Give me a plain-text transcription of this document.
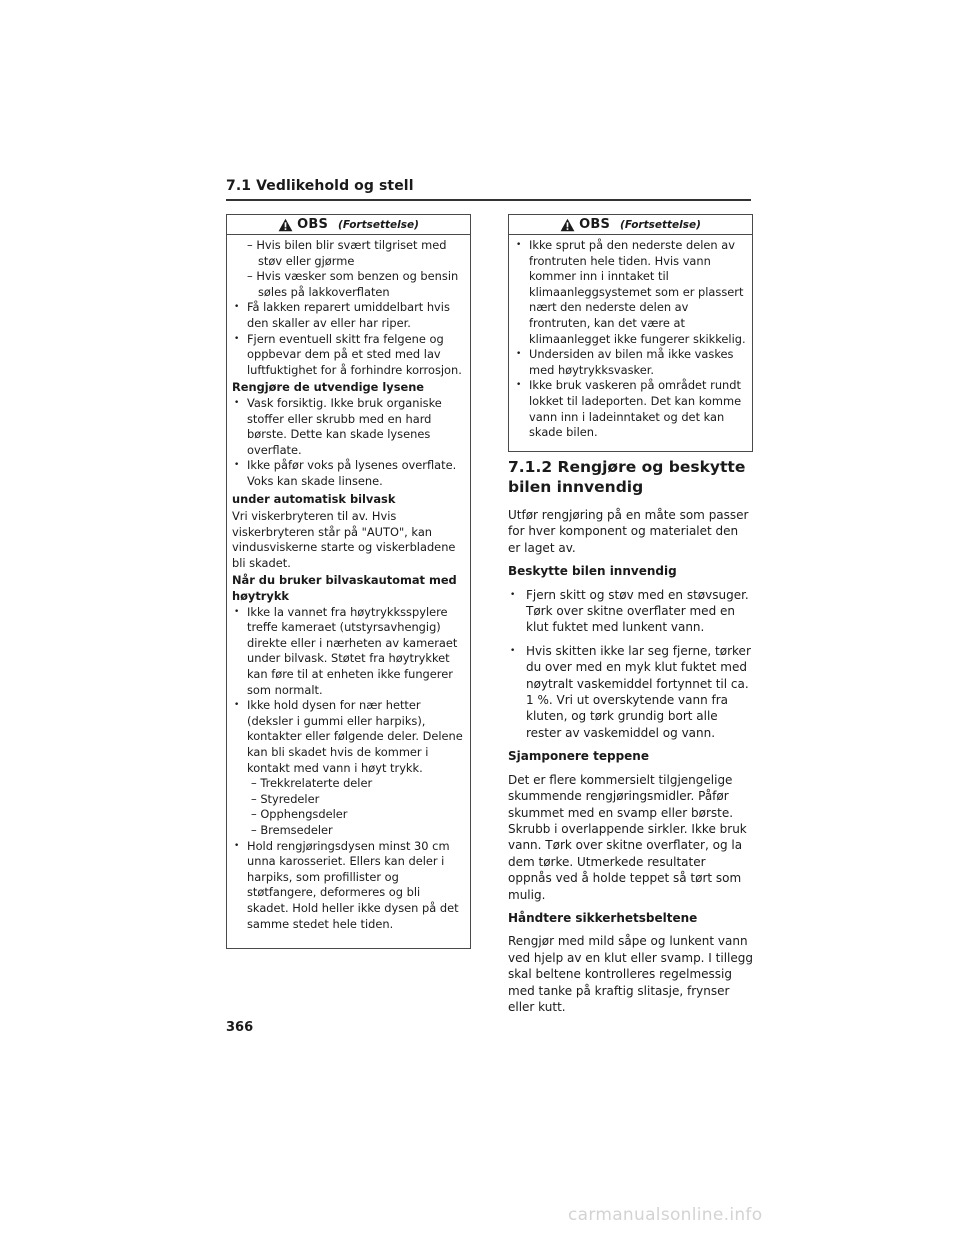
7.1 Vedlikehold og stell
OBS (Fortsettelse)
– Hvis bilen blir svært tilgriset med støv eller gjørme
– Hvis væsker som benzen og bensin søles på lakkoverflaten
• Få lakken reparert umiddelbart hvis den skaller av eller har riper.
• Fjern eventuell skitt fra felgene og oppbevar dem på et sted med lav luftfuktighet for å forhindre korrosjon.
Rengjøre de utvendige lysene
• Vask forsiktig. Ikke bruk organiske stoffer eller skrubb med en hard børste. Dette kan skade lysenes overflate.
• Ikke påfør voks på lysenes overflate. Voks kan skade linsene.
under automatisk bilvask
Vri viskerbryteren til av. Hvis viskerbryteren står på "AUTO", kan vindusviskerne starte og viskerbladene bli skadet.
Når du bruker bilvaskautomat med høytrykk
• Ikke la vannet fra høytrykksspylere treffe kameraet (utstyrsavhengig) direkte eller i nærheten av kameraet under bilvask. Støtet fra høytrykket kan føre til at enheten ikke fungerer som normalt.
• Ikke hold dysen for nær hetter (deksler i gummi eller harpiks), kontakter eller følgende deler. Delene kan bli skadet hvis de kommer i kontakt med vann i høyt trykk.
– Trekkrelaterte deler
– Styredeler
– Opphengsdeler
– Bremsedeler
• Hold rengjøringsdysen minst 30 cm unna karosseriet. Ellers kan deler i harpiks, som profillister og støtfangere, deformeres og bli skadet. Hold heller ikke dysen på det samme stedet hele tiden.
OBS (Fortsettelse)
• Ikke sprut på den nederste delen av frontruten hele tiden. Hvis vann kommer inn i inntaket til klimaanleggsystemet som er plassert nært den nederste delen av frontruten, kan det være at klimaanlegget ikke fungerer skikkelig.
• Undersiden av bilen må ikke vaskes med høytrykksvasker.
• Ikke bruk vaskeren på området rundt lokket til ladeporten. Det kan komme vann inn i ladeinntaket og det kan skade bilen.
7.1.2 Rengjøre og beskytte bilen innvendig

Utfør rengjøring på en måte som passer for hver komponent og materialet den er laget av.

Beskytte bilen innvendig
• Fjern skitt og støv med en støvsuger. Tørk over skitne overflater med en klut fuktet med lunkent vann.
• Hvis skitten ikke lar seg fjerne, tørker du over med en myk klut fuktet med nøytralt vaskemiddel fortynnet til ca. 1 %. Vri ut overskytende vann fra kluten, og tørk grundig bort alle rester av vaskemiddel og vann.
Sjamponere teppene

Det er flere kommersielt tilgjengelige skummende rengjøringsmidler. Påfør skummet med en svamp eller børste. Skrubb i overlappende sirkler. Ikke bruk vann. Tørk over skitne overflater, og la dem tørke. Utmerkede resultater oppnås ved å holde teppet så tørt som mulig.

Håndtere sikkerhetsbeltene

Rengjør med mild såpe og lunkent vann ved hjelp av en klut eller svamp. I tillegg skal beltene kontrolleres regelmessig med tanke på kraftig slitasje, frynser eller kutt.

366
carmanualsonline.info
